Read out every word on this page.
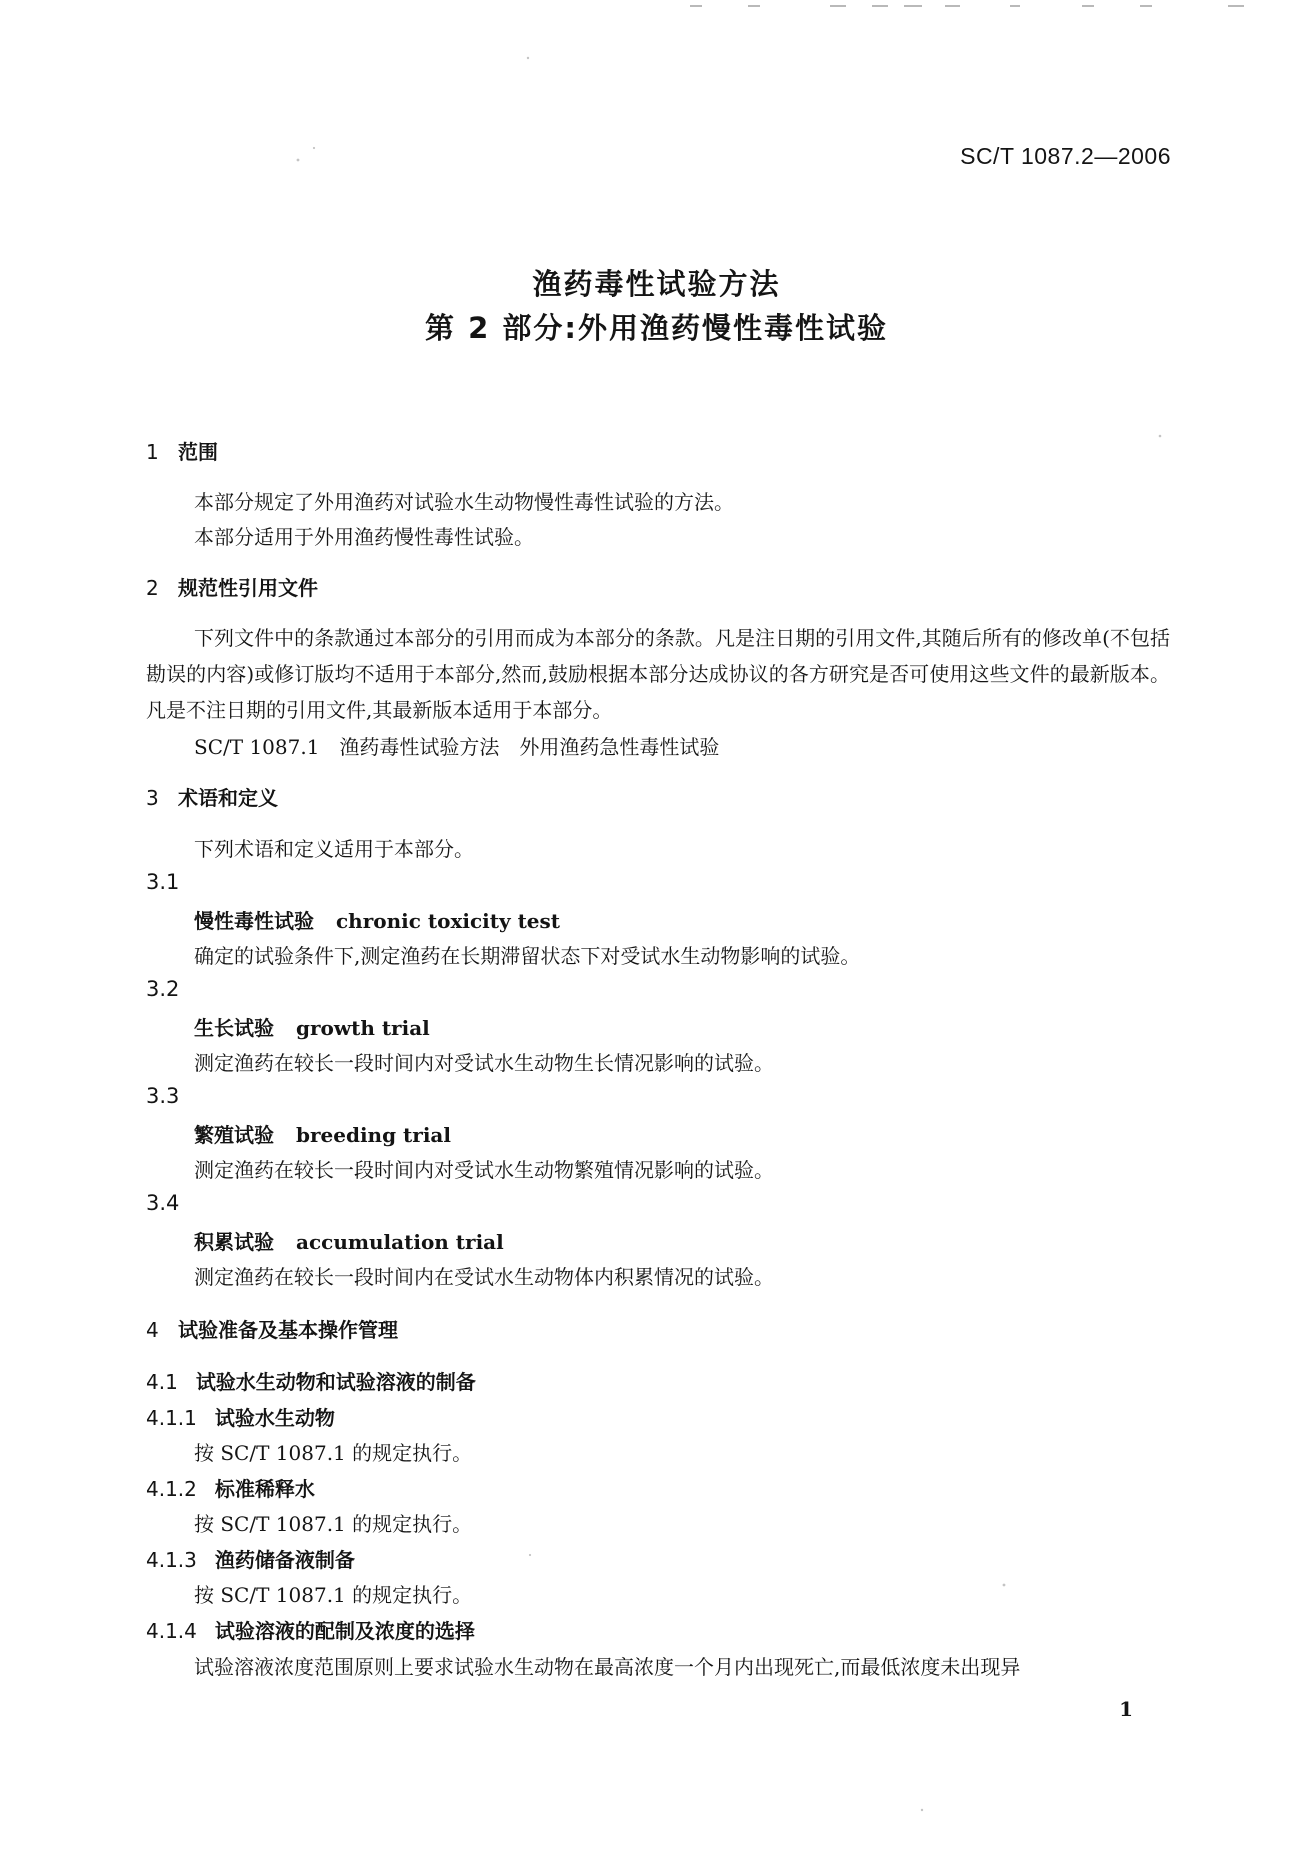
SC/T 1087.2—2006
渔药毒性试验方法
第 2 部分:外用渔药慢性毒性试验
1 范围
本部分规定了外用渔药对试验水生动物慢性毒性试验的方法。
本部分适用于外用渔药慢性毒性试验。
2 规范性引用文件
下列文件中的条款通过本部分的引用而成为本部分的条款。凡是注日期的引用文件,其随后所有的修改单(不包括勘误的内容)或修订版均不适用于本部分,然而,鼓励根据本部分达成协议的各方研究是否可使用这些文件的最新版本。凡是不注日期的引用文件,其最新版本适用于本部分。
SC/T 1087.1　渔药毒性试验方法　外用渔药急性毒性试验
3 术语和定义
下列术语和定义适用于本部分。
3.1
慢性毒性试验 chronic toxicity test
确定的试验条件下,测定渔药在长期滞留状态下对受试水生动物影响的试验。
3.2
生长试验 growth trial
测定渔药在较长一段时间内对受试水生动物生长情况影响的试验。
3.3
繁殖试验 breeding trial
测定渔药在较长一段时间内对受试水生动物繁殖情况影响的试验。
3.4
积累试验 accumulation trial
测定渔药在较长一段时间内在受试水生动物体内积累情况的试验。
4 试验准备及基本操作管理
4.1 试验水生动物和试验溶液的制备
4.1.1 试验水生动物
按 SC/T 1087.1 的规定执行。
4.1.2 标准稀释水
按 SC/T 1087.1 的规定执行。
4.1.3 渔药储备液制备
按 SC/T 1087.1 的规定执行。
4.1.4 试验溶液的配制及浓度的选择
试验溶液浓度范围原则上要求试验水生动物在最高浓度一个月内出现死亡,而最低浓度未出现异
1
